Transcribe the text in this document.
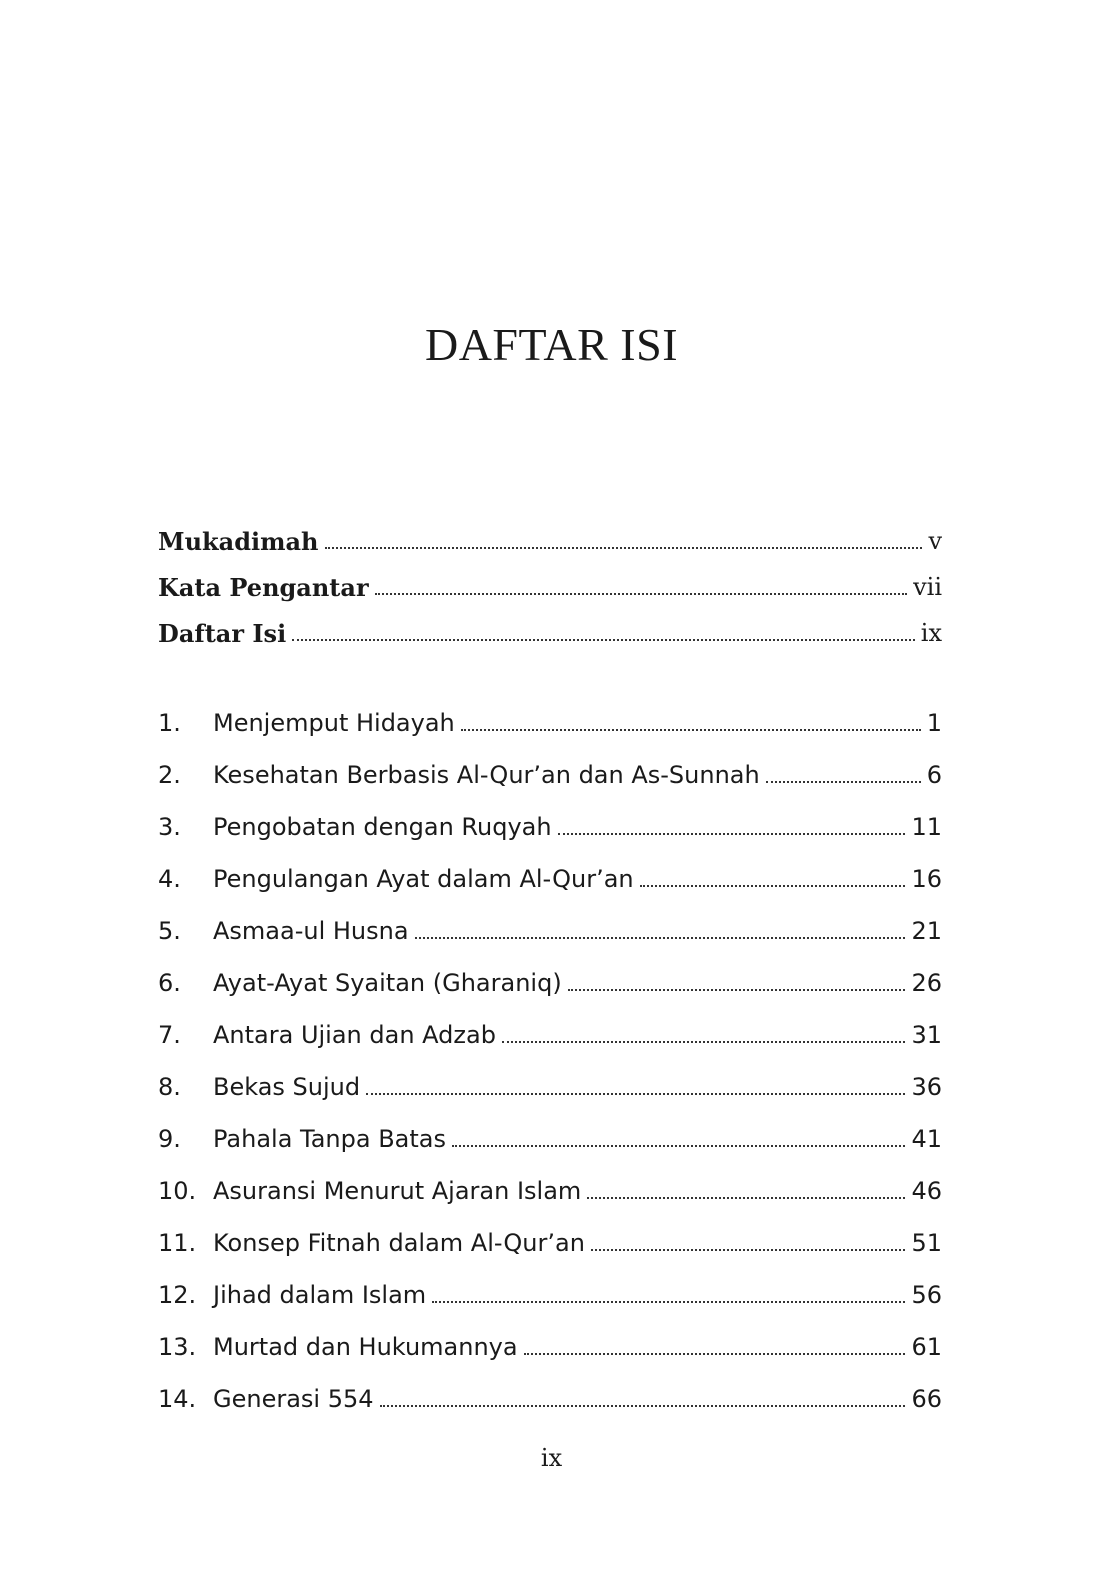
DAFTAR ISI
Mukadimah	v
Kata Pengantar	vii
Daftar Isi	ix
1.	Menjemput Hidayah	1
2.	Kesehatan Berbasis Al-Qur’an dan As-Sunnah	6
3.	Pengobatan dengan Ruqyah	11
4.	Pengulangan Ayat dalam Al-Qur’an	16
5.	Asmaa-ul Husna	21
6.	Ayat-Ayat Syaitan (Gharaniq)	26
7.	Antara Ujian dan Adzab	31
8.	Bekas Sujud	36
9.	Pahala Tanpa Batas	41
10. Asuransi Menurut Ajaran Islam	46
11. Konsep Fitnah dalam Al-Qur’an	51
12. Jihad dalam Islam	56
13. Murtad dan Hukumannya	61
14. Generasi 554	66
ix
